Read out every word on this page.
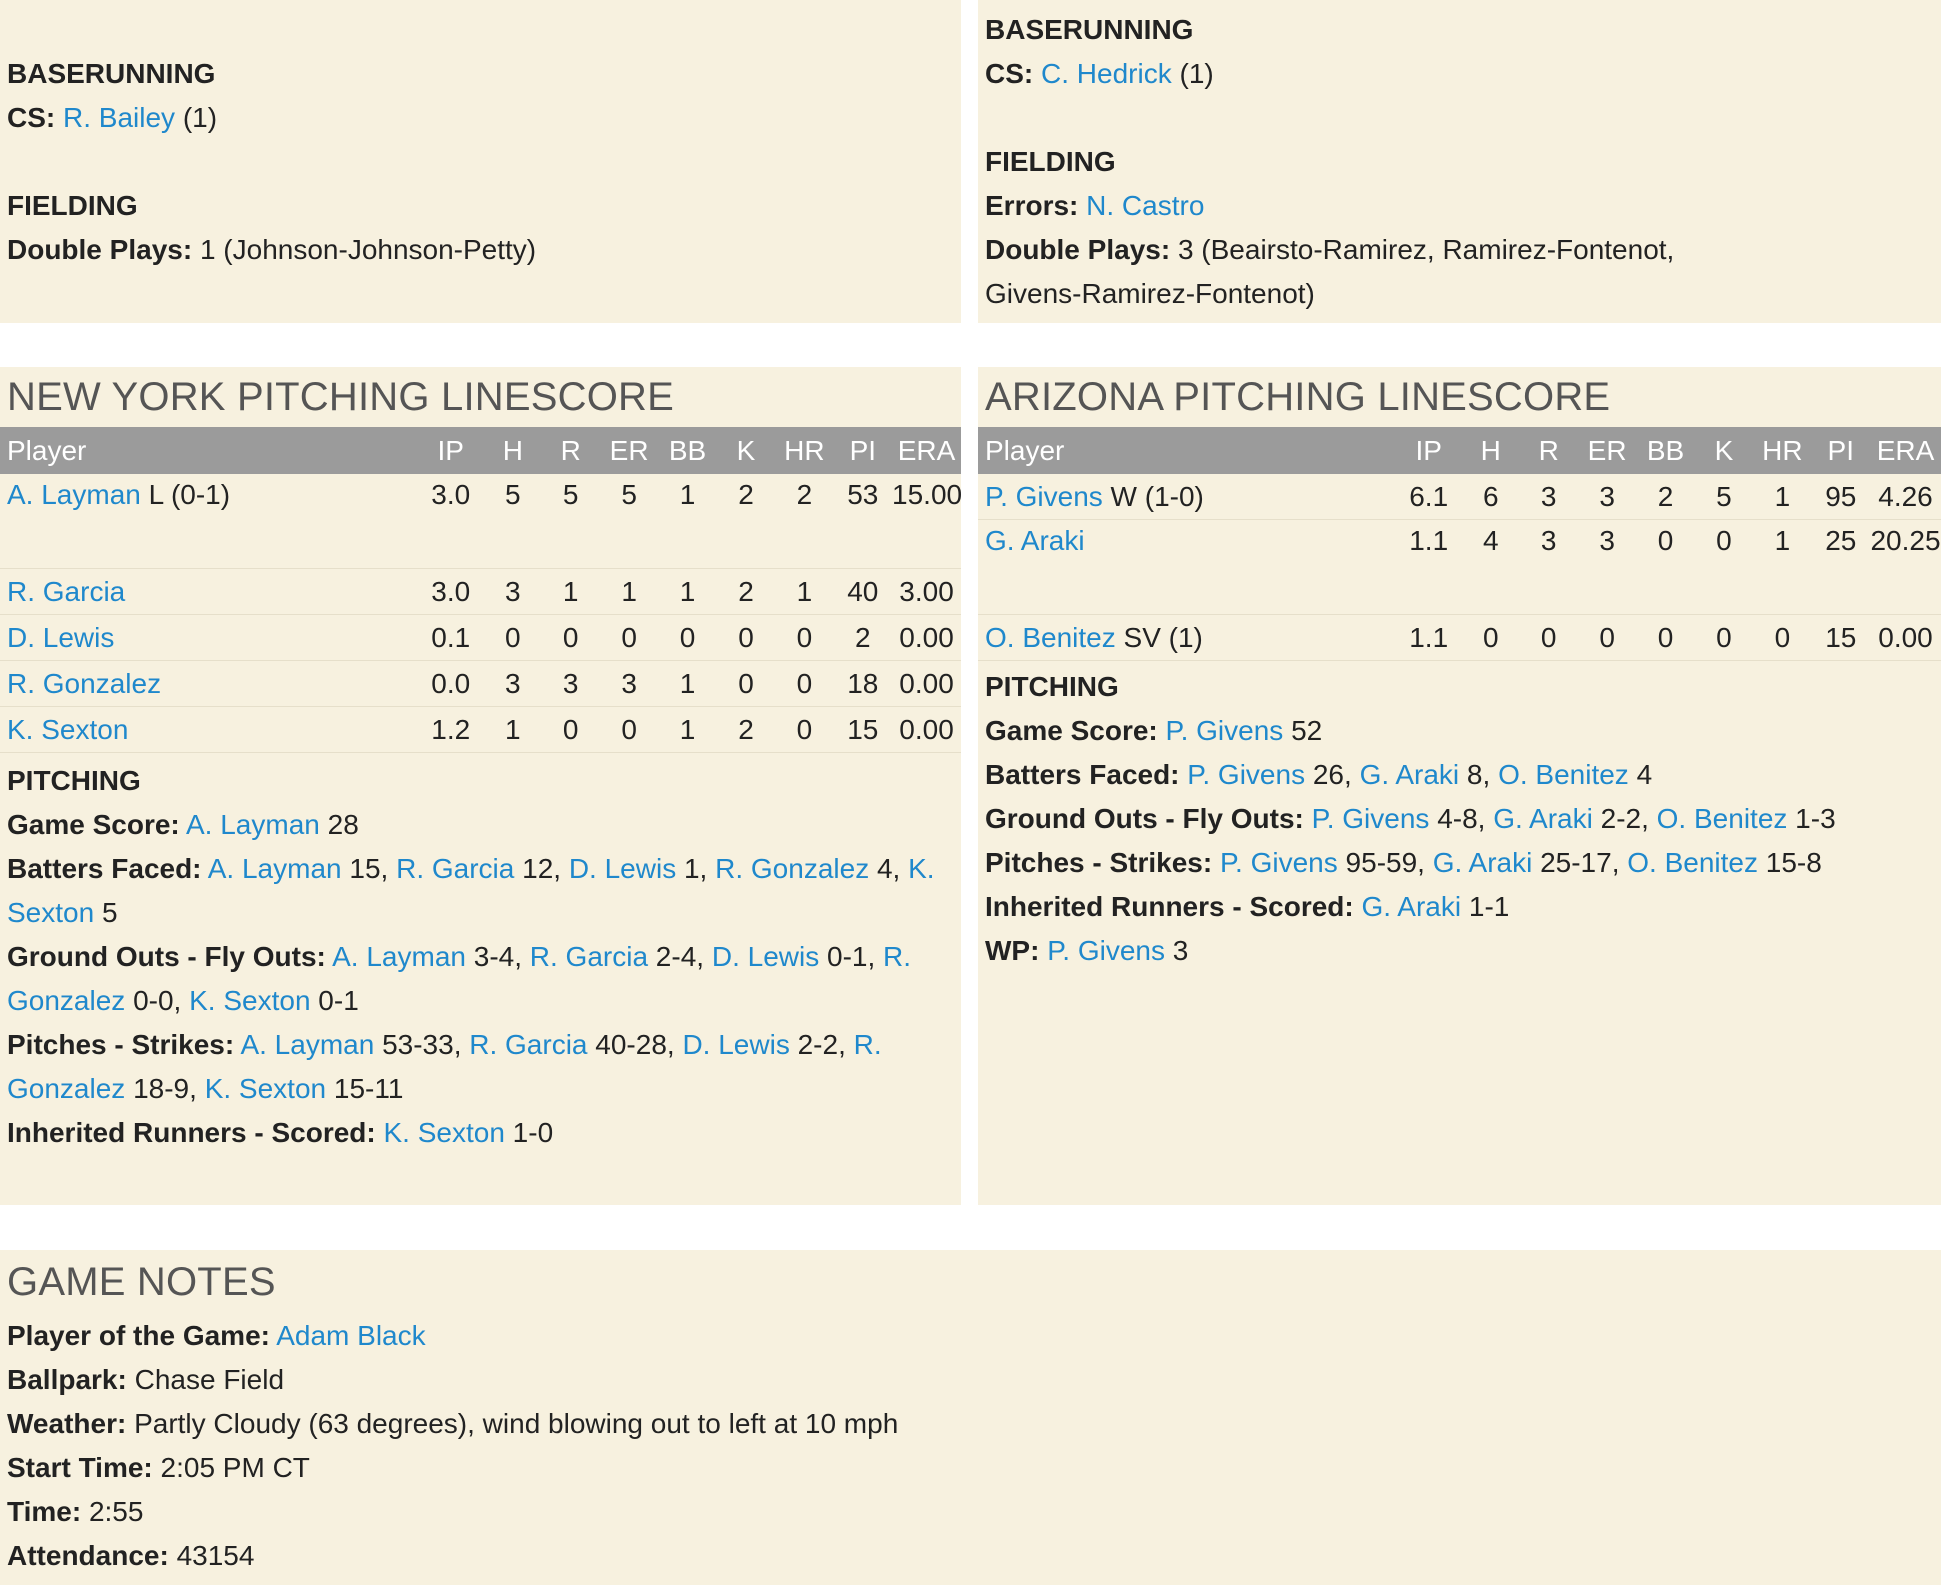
BASERUNNING
CS: R. Bailey (1)
FIELDING
Double Plays: 1 (Johnson-Johnson-Petty)
BASERUNNING
CS: C. Hedrick (1)
FIELDING
Errors: N. Castro
Double Plays: 3 (Beairsto-Ramirez, Ramirez-Fontenot,
Givens-Ramirez-Fontenot)
NEW YORK PITCHING LINESCORE
Player	IP	H	R	ER	BB	K	HR	PI	ERA
A. Layman L (0-1)	3.0	5	5	5	1	2	2	53	15.00
R. Garcia	3.0	3	1	1	1	2	1	40	3.00
D. Lewis	0.1	0	0	0	0	0	0	2	0.00
R. Gonzalez	0.0	3	3	3	1	0	0	18	0.00
K. Sexton	1.2	1	0	0	1	2	0	15	0.00
PITCHING
Game Score: A. Layman 28
Batters Faced: A. Layman 15, R. Garcia 12, D. Lewis 1, R. Gonzalez 4, K. Sexton 5
Ground Outs - Fly Outs: A. Layman 3-4, R. Garcia 2-4, D. Lewis 0-1, R. Gonzalez 0-0, K. Sexton 0-1
Pitches - Strikes: A. Layman 53-33, R. Garcia 40-28, D. Lewis 2-2, R. Gonzalez 18-9, K. Sexton 15-11
Inherited Runners - Scored: K. Sexton 1-0
ARIZONA PITCHING LINESCORE
Player	IP	H	R	ER	BB	K	HR	PI	ERA
P. Givens W (1-0)	6.1	6	3	3	2	5	1	95	4.26
G. Araki	1.1	4	3	3	0	0	1	25	20.25
O. Benitez SV (1)	1.1	0	0	0	0	0	0	15	0.00
PITCHING
Game Score: P. Givens 52
Batters Faced: P. Givens 26, G. Araki 8, O. Benitez 4
Ground Outs - Fly Outs: P. Givens 4-8, G. Araki 2-2, O. Benitez 1-3
Pitches - Strikes: P. Givens 95-59, G. Araki 25-17, O. Benitez 15-8
Inherited Runners - Scored: G. Araki 1-1
WP: P. Givens 3
GAME NOTES
Player of the Game: Adam Black
Ballpark: Chase Field
Weather: Partly Cloudy (63 degrees), wind blowing out to left at 10 mph
Start Time: 2:05 PM CT
Time: 2:55
Attendance: 43154
